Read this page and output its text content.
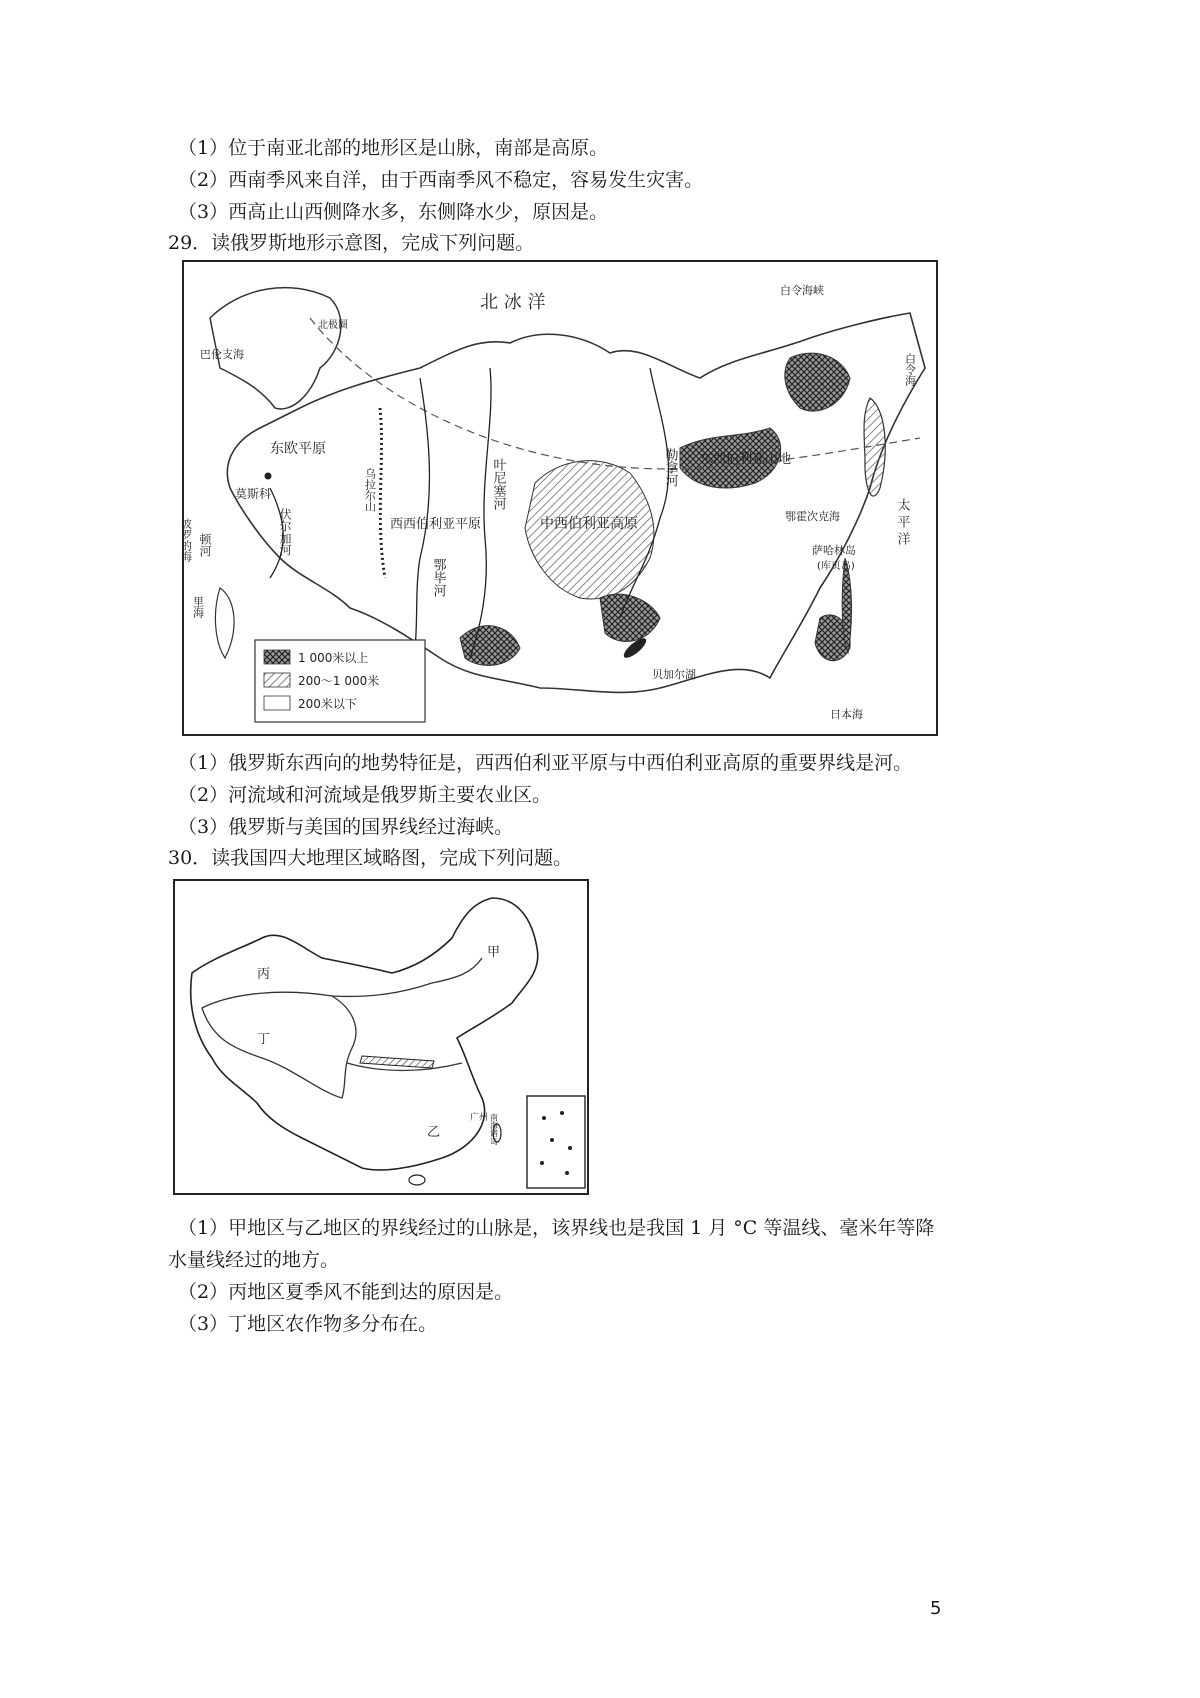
（1）位于南亚北部的地形区是山脉，南部是高原。
（2）西南季风来自洋，由于西南季风不稳定，容易发生灾害。
（3）西高止山西侧降水多，东侧降水少，原因是。
29．读俄罗斯地形示意图，完成下列问题。
北 冰 洋
白令海峡
白令海
巴伦支海
波罗的海
北极圈
东欧平原
莫斯科
伏尔加河
顿河
乌拉尔山
里海
西西伯利亚平原	中西伯利亚高原
叶尼塞河
鄂毕河
勒拿河
贝加尔湖
东西伯利亚山地
鄂霍次克海
萨哈林岛
(库页岛)
太 平 洋
日本海
1 000米以上
200～1 000米
200米以下
（1）俄罗斯东西向的地势特征是，西西伯利亚平原与中西伯利亚高原的重要界线是河。
（2）河流域和河流域是俄罗斯主要农业区。
（3）俄罗斯与美国的国界线经过海峡。
30．读我国四大地理区域略图，完成下列问题。
甲
乙
丙
丁
广州 南海诸岛
（1）甲地区与乙地区的界线经过的山脉是，该界线也是我国 1 月 °C 等温线、毫米年等降
水量线经过的地方。
（2）丙地区夏季风不能到达的原因是。
（3）丁地区农作物多分布在。
5
